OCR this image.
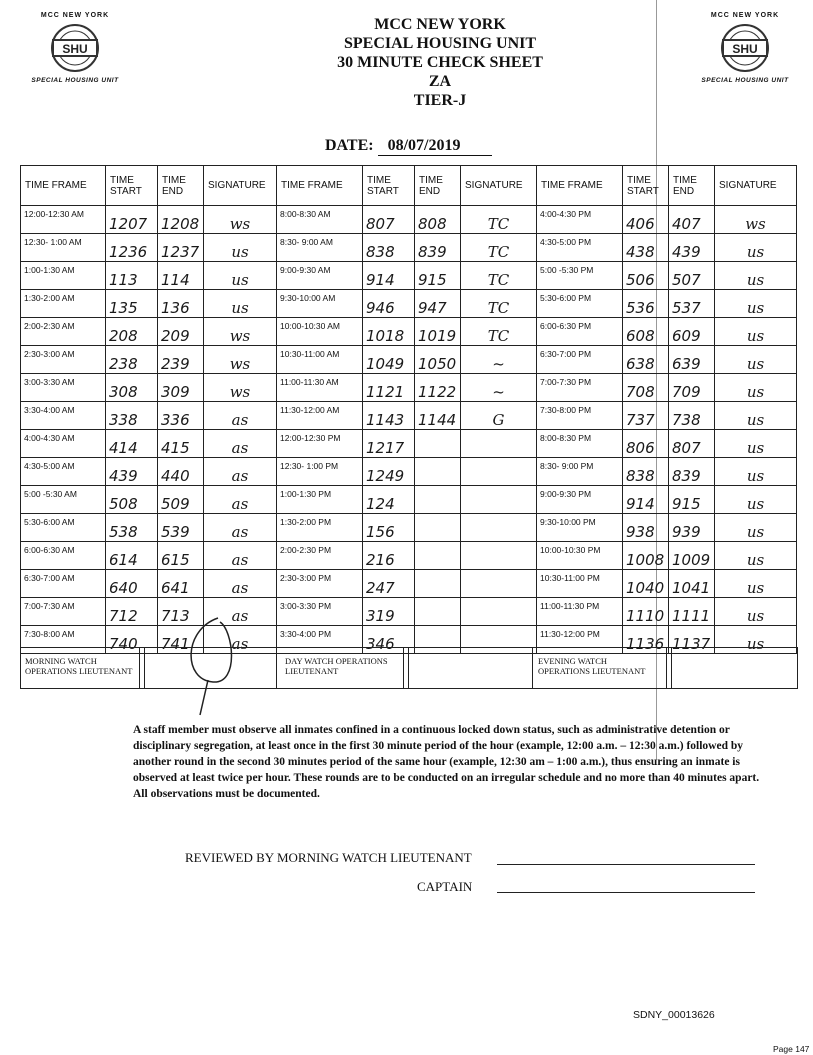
MCC NEW YORK
SHU
SPECIAL HOUSING UNIT
MCC NEW YORK
SHU
SPECIAL HOUSING UNIT
MCC NEW YORK
SPECIAL HOUSING UNIT
30 MINUTE CHECK SHEET
ZA
TIER-J
DATE: 08/07/2019
TIME FRAME	TIME START	TIME END	SIGNATURE	TIME FRAME	TIME START	TIME END	SIGNATURE	TIME FRAME	TIME START	TIME END	SIGNATURE
12:00-12:30 AM	1207	1208	ws	8:00-8:30 AM	807	808	TC	4:00-4:30 PM	406	407	ws
12:30- 1:00 AM	1236	1237	us	8:30- 9:00 AM	838	839	TC	4:30-5:00 PM	438	439	us
1:00-1:30 AM	113	114	us	9:00-9:30 AM	914	915	TC	5:00 -5:30 PM	506	507	us
1:30-2:00 AM	135	136	us	9:30-10:00 AM	946	947	TC	5:30-6:00 PM	536	537	us
2:00-2:30 AM	208	209	ws	10:00-10:30 AM	1018	1019	TC	6:00-6:30 PM	608	609	us
2:30-3:00 AM	238	239	ws	10:30-11:00 AM	1049	1050	~	6:30-7:00 PM	638	639	us
3:00-3:30 AM	308	309	ws	11:00-11:30 AM	1121	1122	~	7:00-7:30 PM	708	709	us
3:30-4:00 AM	338	336	as	11:30-12:00 AM	1143	1144	G	7:30-8:00 PM	737	738	us
4:00-4:30 AM	414	415	as	12:00-12:30 PM	1217			8:00-8:30 PM	806	807	us
4:30-5:00 AM	439	440	as	12:30- 1:00 PM	1249			8:30- 9:00 PM	838	839	us
5:00 -5:30 AM	508	509	as	1:00-1:30 PM	124			9:00-9:30 PM	914	915	us
5:30-6:00 AM	538	539	as	1:30-2:00 PM	156			9:30-10:00 PM	938	939	us
6:00-6:30 AM	614	615	as	2:00-2:30 PM	216			10:00-10:30 PM	1008	1009	us
6:30-7:00 AM	640	641	as	2:30-3:00 PM	247			10:30-11:00 PM	1040	1041	us
7:00-7:30 AM	712	713	as	3:00-3:30 PM	319			11:00-11:30 PM	1110	1111	us
7:30-8:00 AM	740	741	as	3:30-4:00 PM	346			11:30-12:00 PM	1136	1137	us
MORNING WATCH OPERATIONS LIEUTENANT
DAY WATCH OPERATIONS LIEUTENANT
EVENING WATCH OPERATIONS LIEUTENANT
A staff member must observe all inmates confined in a continuous locked down status, such as administrative detention or disciplinary segregation, at least once in the first 30 minute period of the hour (example, 12:00 a.m. – 12:30 a.m.) followed by another round in the second 30 minutes period of the same hour (example, 12:30 am – 1:00 a.m.), thus ensuring an inmate is observed at least twice per hour. These rounds are to be conducted on an irregular schedule and no more than 40 minutes apart. All observations must be documented.
REVIEWED BY MORNING WATCH LIEUTENANT
CAPTAIN
SDNY_00013626
Page 147
